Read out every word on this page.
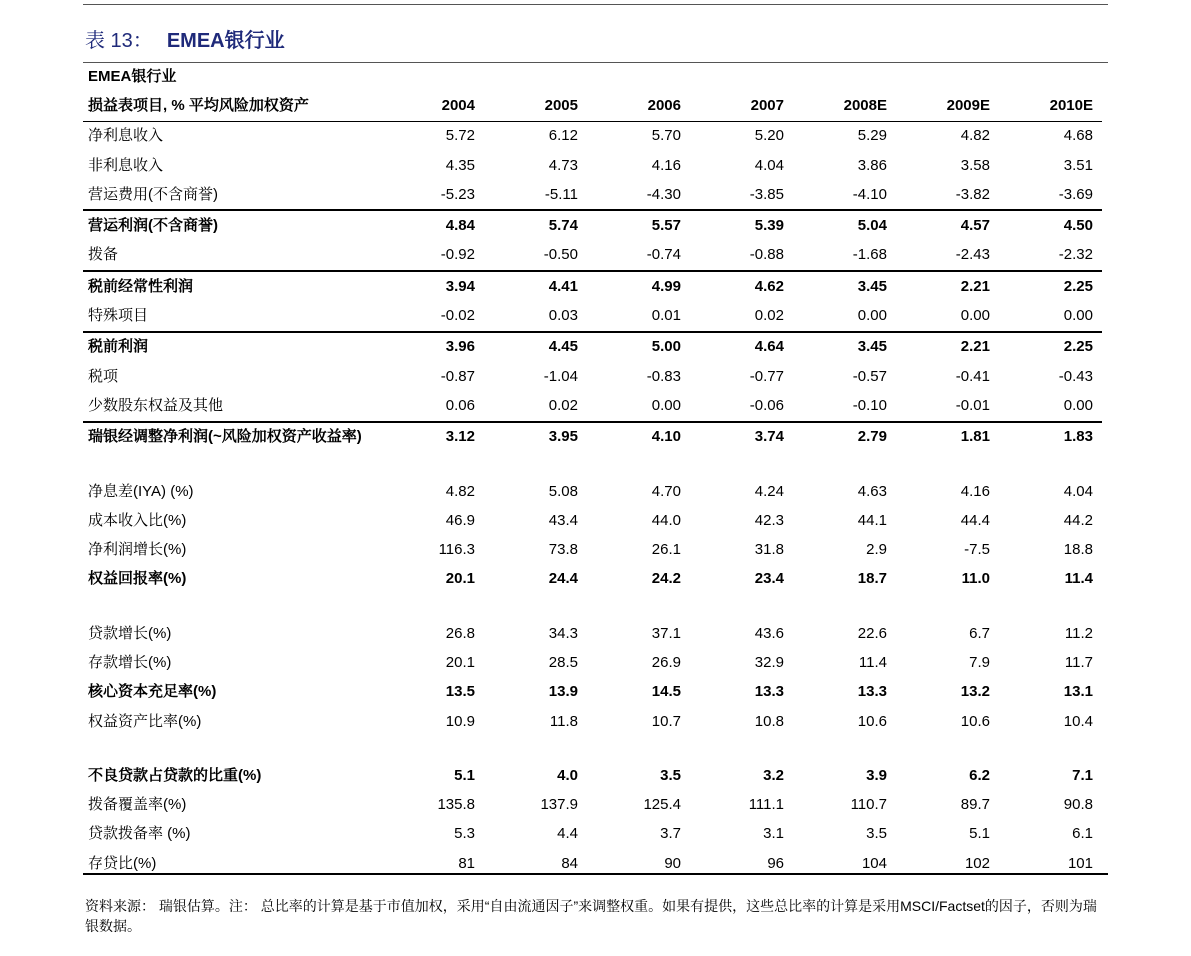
表 13： EMEA银行业
EMEA银行业							
损益表项目, % 平均风险加权资产	2004	2005	2006	2007	2008E	2009E	2010E
净利息收入	5.72	6.12	5.70	5.20	5.29	4.82	4.68
非利息收入	4.35	4.73	4.16	4.04	3.86	3.58	3.51
营运费用(不含商誉)	-5.23	-5.11	-4.30	-3.85	-4.10	-3.82	-3.69
营运利润(不含商誉)	4.84	5.74	5.57	5.39	5.04	4.57	4.50
拨备	-0.92	-0.50	-0.74	-0.88	-1.68	-2.43	-2.32
税前经常性利润	3.94	4.41	4.99	4.62	3.45	2.21	2.25
特殊项目	-0.02	0.03	0.01	0.02	0.00	0.00	0.00
税前利润	3.96	4.45	5.00	4.64	3.45	2.21	2.25
税项	-0.87	-1.04	-0.83	-0.77	-0.57	-0.41	-0.43
少数股东权益及其他	0.06	0.02	0.00	-0.06	-0.10	-0.01	0.00
瑞银经调整净利润(~风险加权资产收益率)	3.12	3.95	4.10	3.74	2.79	1.81	1.83

净息差(IYA) (%)	4.82	5.08	4.70	4.24	4.63	4.16	4.04
成本收入比(%)	46.9	43.4	44.0	42.3	44.1	44.4	44.2
净利润增长(%)	116.3	73.8	26.1	31.8	2.9	-7.5	18.8
权益回报率(%)	20.1	24.4	24.2	23.4	18.7	11.0	11.4

贷款增长(%)	26.8	34.3	37.1	43.6	22.6	6.7	11.2
存款增长(%)	20.1	28.5	26.9	32.9	11.4	7.9	11.7
核心资本充足率(%)	13.5	13.9	14.5	13.3	13.3	13.2	13.1
权益资产比率(%)	10.9	11.8	10.7	10.8	10.6	10.6	10.4

不良贷款占贷款的比重(%)	5.1	4.0	3.5	3.2	3.9	6.2	7.1
拨备覆盖率(%)	135.8	137.9	125.4	111.1	110.7	89.7	90.8
贷款拨备率 (%)	5.3	4.4	3.7	3.1	3.5	5.1	6.1
存贷比(%)	81	84	90	96	104	102	101
资料来源： 瑞银估算。注： 总比率的计算是基于市值加权，采用“自由流通因子”来调整权重。如果有提供，这些总比率的计算是采用MSCI/Factset的因子，否则为瑞银数据。
